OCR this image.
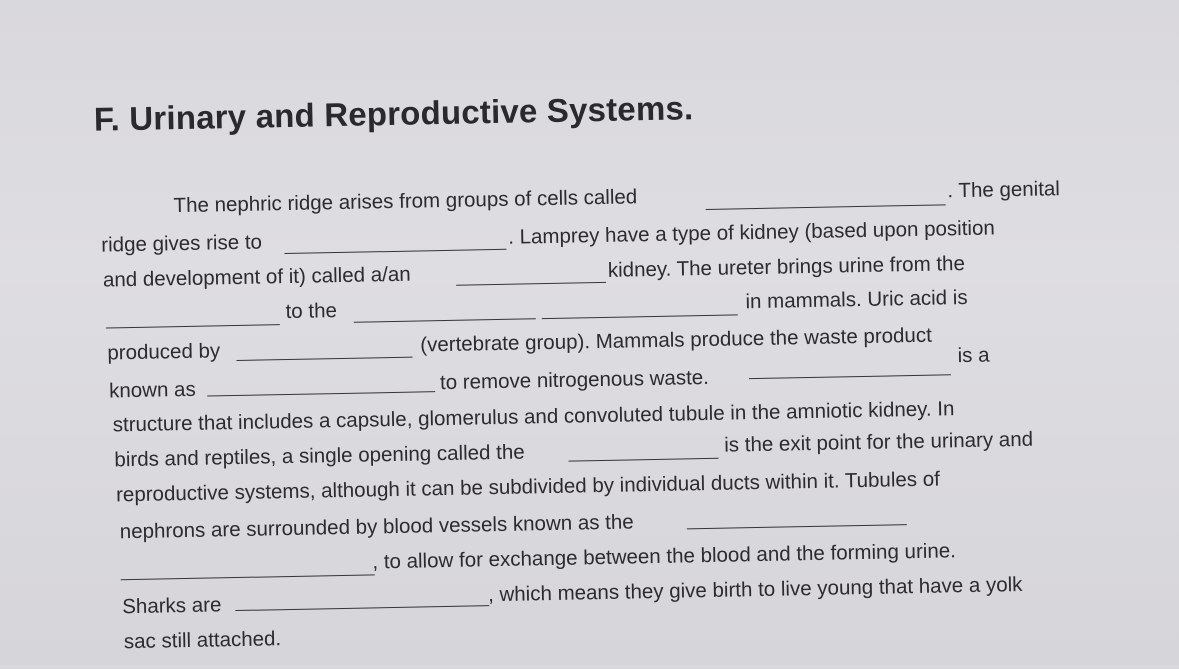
F. Urinary and Reproductive Systems.
The nephric ridge arises from groups of cells called	. The genital
ridge gives rise to	. Lamprey have a type of kidney (based upon position
and development of it) called a/an	kidney. The ureter brings urine from the
to the	in mammals. Uric acid is
produced by	(vertebrate group). Mammals produce the waste product is a
known as	to remove nitrogenous waste.
structure that includes a capsule, glomerulus and convoluted tubule in the amniotic kidney. In
birds and reptiles, a single opening called the	is the exit point for the urinary and
reproductive systems, although it can be subdivided by individual ducts within it. Tubules of
nephrons are surrounded by blood vessels known as the
, to allow for exchange between the blood and the forming urine.
Sharks are	, which means they give birth to live young that have a yolk
sac still attached.
